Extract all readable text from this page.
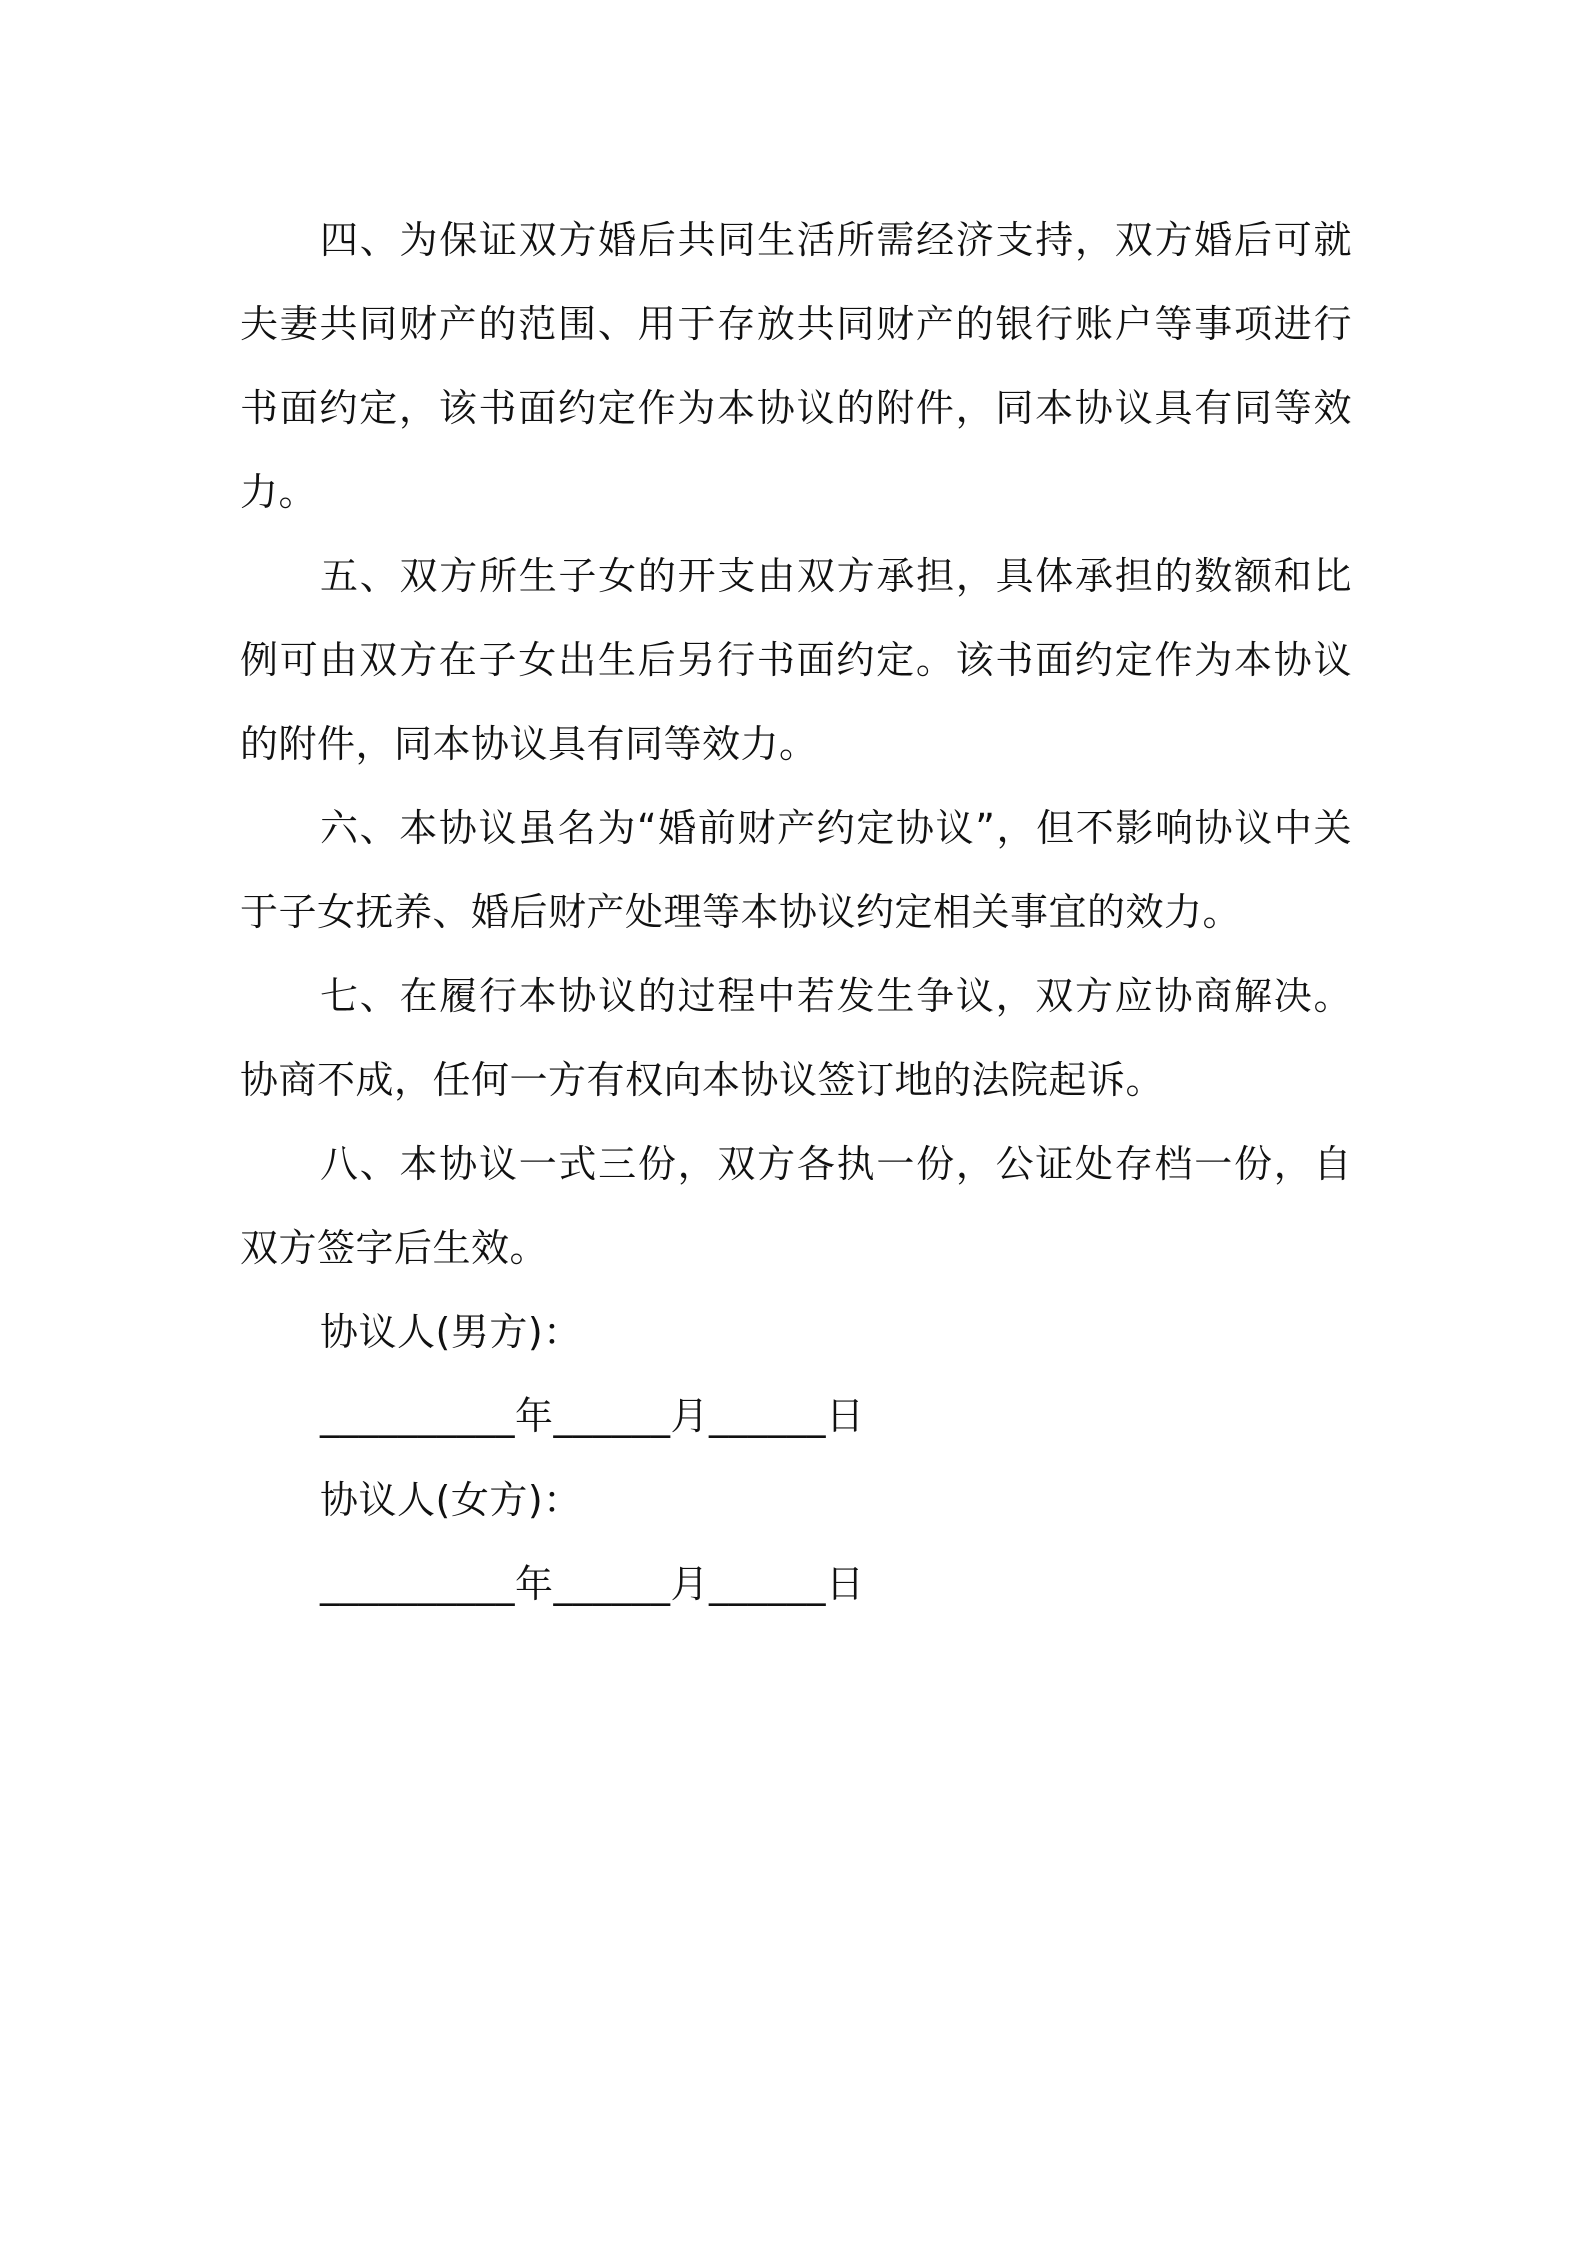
四、为保证双方婚后共同生活所需经济支持，双方婚后可就夫妻共同财产的范围、用于存放共同财产的银行账户等事项进行书面约定，该书面约定作为本协议的附件，同本协议具有同等效力。

五、双方所生子女的开支由双方承担，具体承担的数额和比例可由双方在子女出生后另行书面约定。该书面约定作为本协议的附件，同本协议具有同等效力。

六、本协议虽名为“婚前财产约定协议”，但不影响协议中关于子女抚养、婚后财产处理等本协议约定相关事宜的效力。

七、在履行本协议的过程中若发生争议，双方应协商解决。协商不成，任何一方有权向本协议签订地的法院起诉。

八、本协议一式三份，双方各执一份，公证处存档一份，自双方签字后生效。

协议人(男方)：

__________年______月______日

协议人(女方)：

__________年______月______日
